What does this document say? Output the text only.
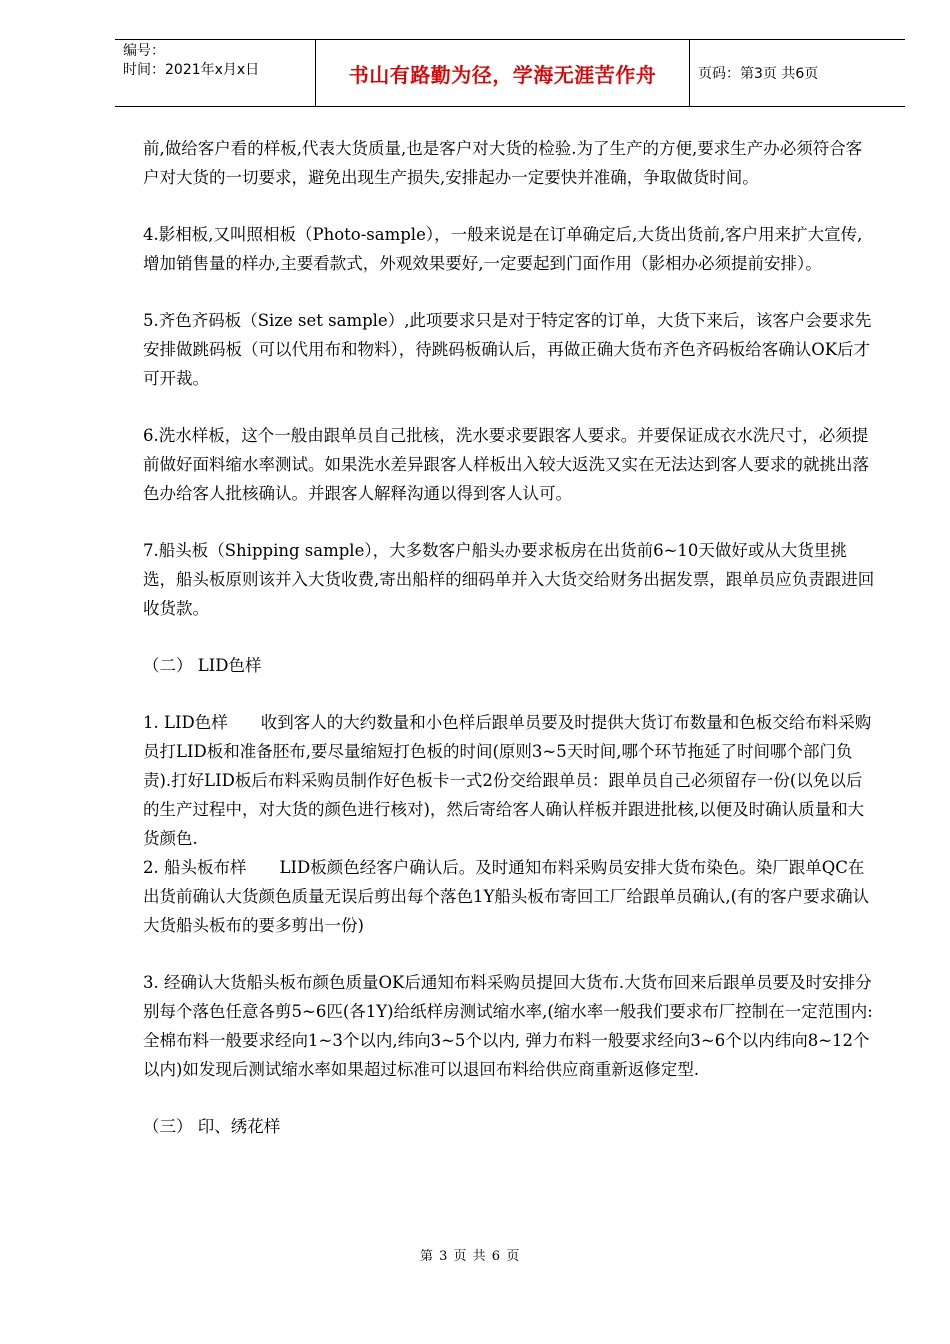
编号：
时间：2021年x月x日	书山有路勤为径，学海无涯苦作舟	页码：第3页 共6页

前,做给客户看的样板,代表大货质量,也是客户对大货的检验.为了生产的方便,要求生产办必须符合客户对大货的一切要求，避免出现生产损失,安排起办一定要快并准确，争取做货时间。

4.影相板,又叫照相板（Photo-sample），一般来说是在订单确定后,大货出货前,客户用来扩大宣传,增加销售量的样办,主要看款式，外观效果要好,一定要起到门面作用（影相办必须提前安排）。

5.齐色齐码板（Size set sample）,此项要求只是对于特定客的订单，大货下来后，该客户会要求先安排做跳码板（可以代用布和物料），待跳码板确认后，再做正确大货布齐色齐码板给客确认OK后才可开裁。

6.洗水样板，这个一般由跟单员自己批核，洗水要求要跟客人要求。并要保证成衣水洗尺寸，必须提前做好面料缩水率测试。如果洗水差异跟客人样板出入较大返洗又实在无法达到客人要求的就挑出落色办给客人批核确认。并跟客人解释沟通以得到客人认可。

7.船头板（Shipping sample），大多数客户船头办要求板房在出货前6~10天做好或从大货里挑选，船头板原则该并入大货收费,寄出船样的细码单并入大货交给财务出据发票，跟单员应负责跟进回收货款。

（二） LID色样

1. LID色样　　收到客人的大约数量和小色样后跟单员要及时提供大货订布数量和色板交给布料采购员打LID板和准备胚布,要尽量缩短打色板的时间(原则3~5天时间,哪个环节拖延了时间哪个部门负责).打好LID板后布料采购员制作好色板卡一式2份交给跟单员：跟单员自己必须留存一份(以免以后的生产过程中，对大货的颜色进行核对)，然后寄给客人确认样板并跟进批核,以便及时确认质量和大货颜色.

2. 船头板布样　　LID板颜色经客户确认后。及时通知布料采购员安排大货布染色。染厂跟单QC在出货前确认大货颜色质量无误后剪出每个落色1Y船头板布寄回工厂给跟单员确认,(有的客户要求确认大货船头板布的要多剪出一份)

3. 经确认大货船头板布颜色质量OK后通知布料采购员提回大货布.大货布回来后跟单员要及时安排分别每个落色任意各剪5~6匹(各1Y)给纸样房测试缩水率,(缩水率一般我们要求布厂控制在一定范围内:全棉布料一般要求经向1~3个以内,纬向3~5个以内, 弹力布料一般要求经向3~6个以内纬向8~12个以内)如发现后测试缩水率如果超过标准可以退回布料给供应商重新返修定型.

（三） 印、绣花样

第 3 页 共 6 页
